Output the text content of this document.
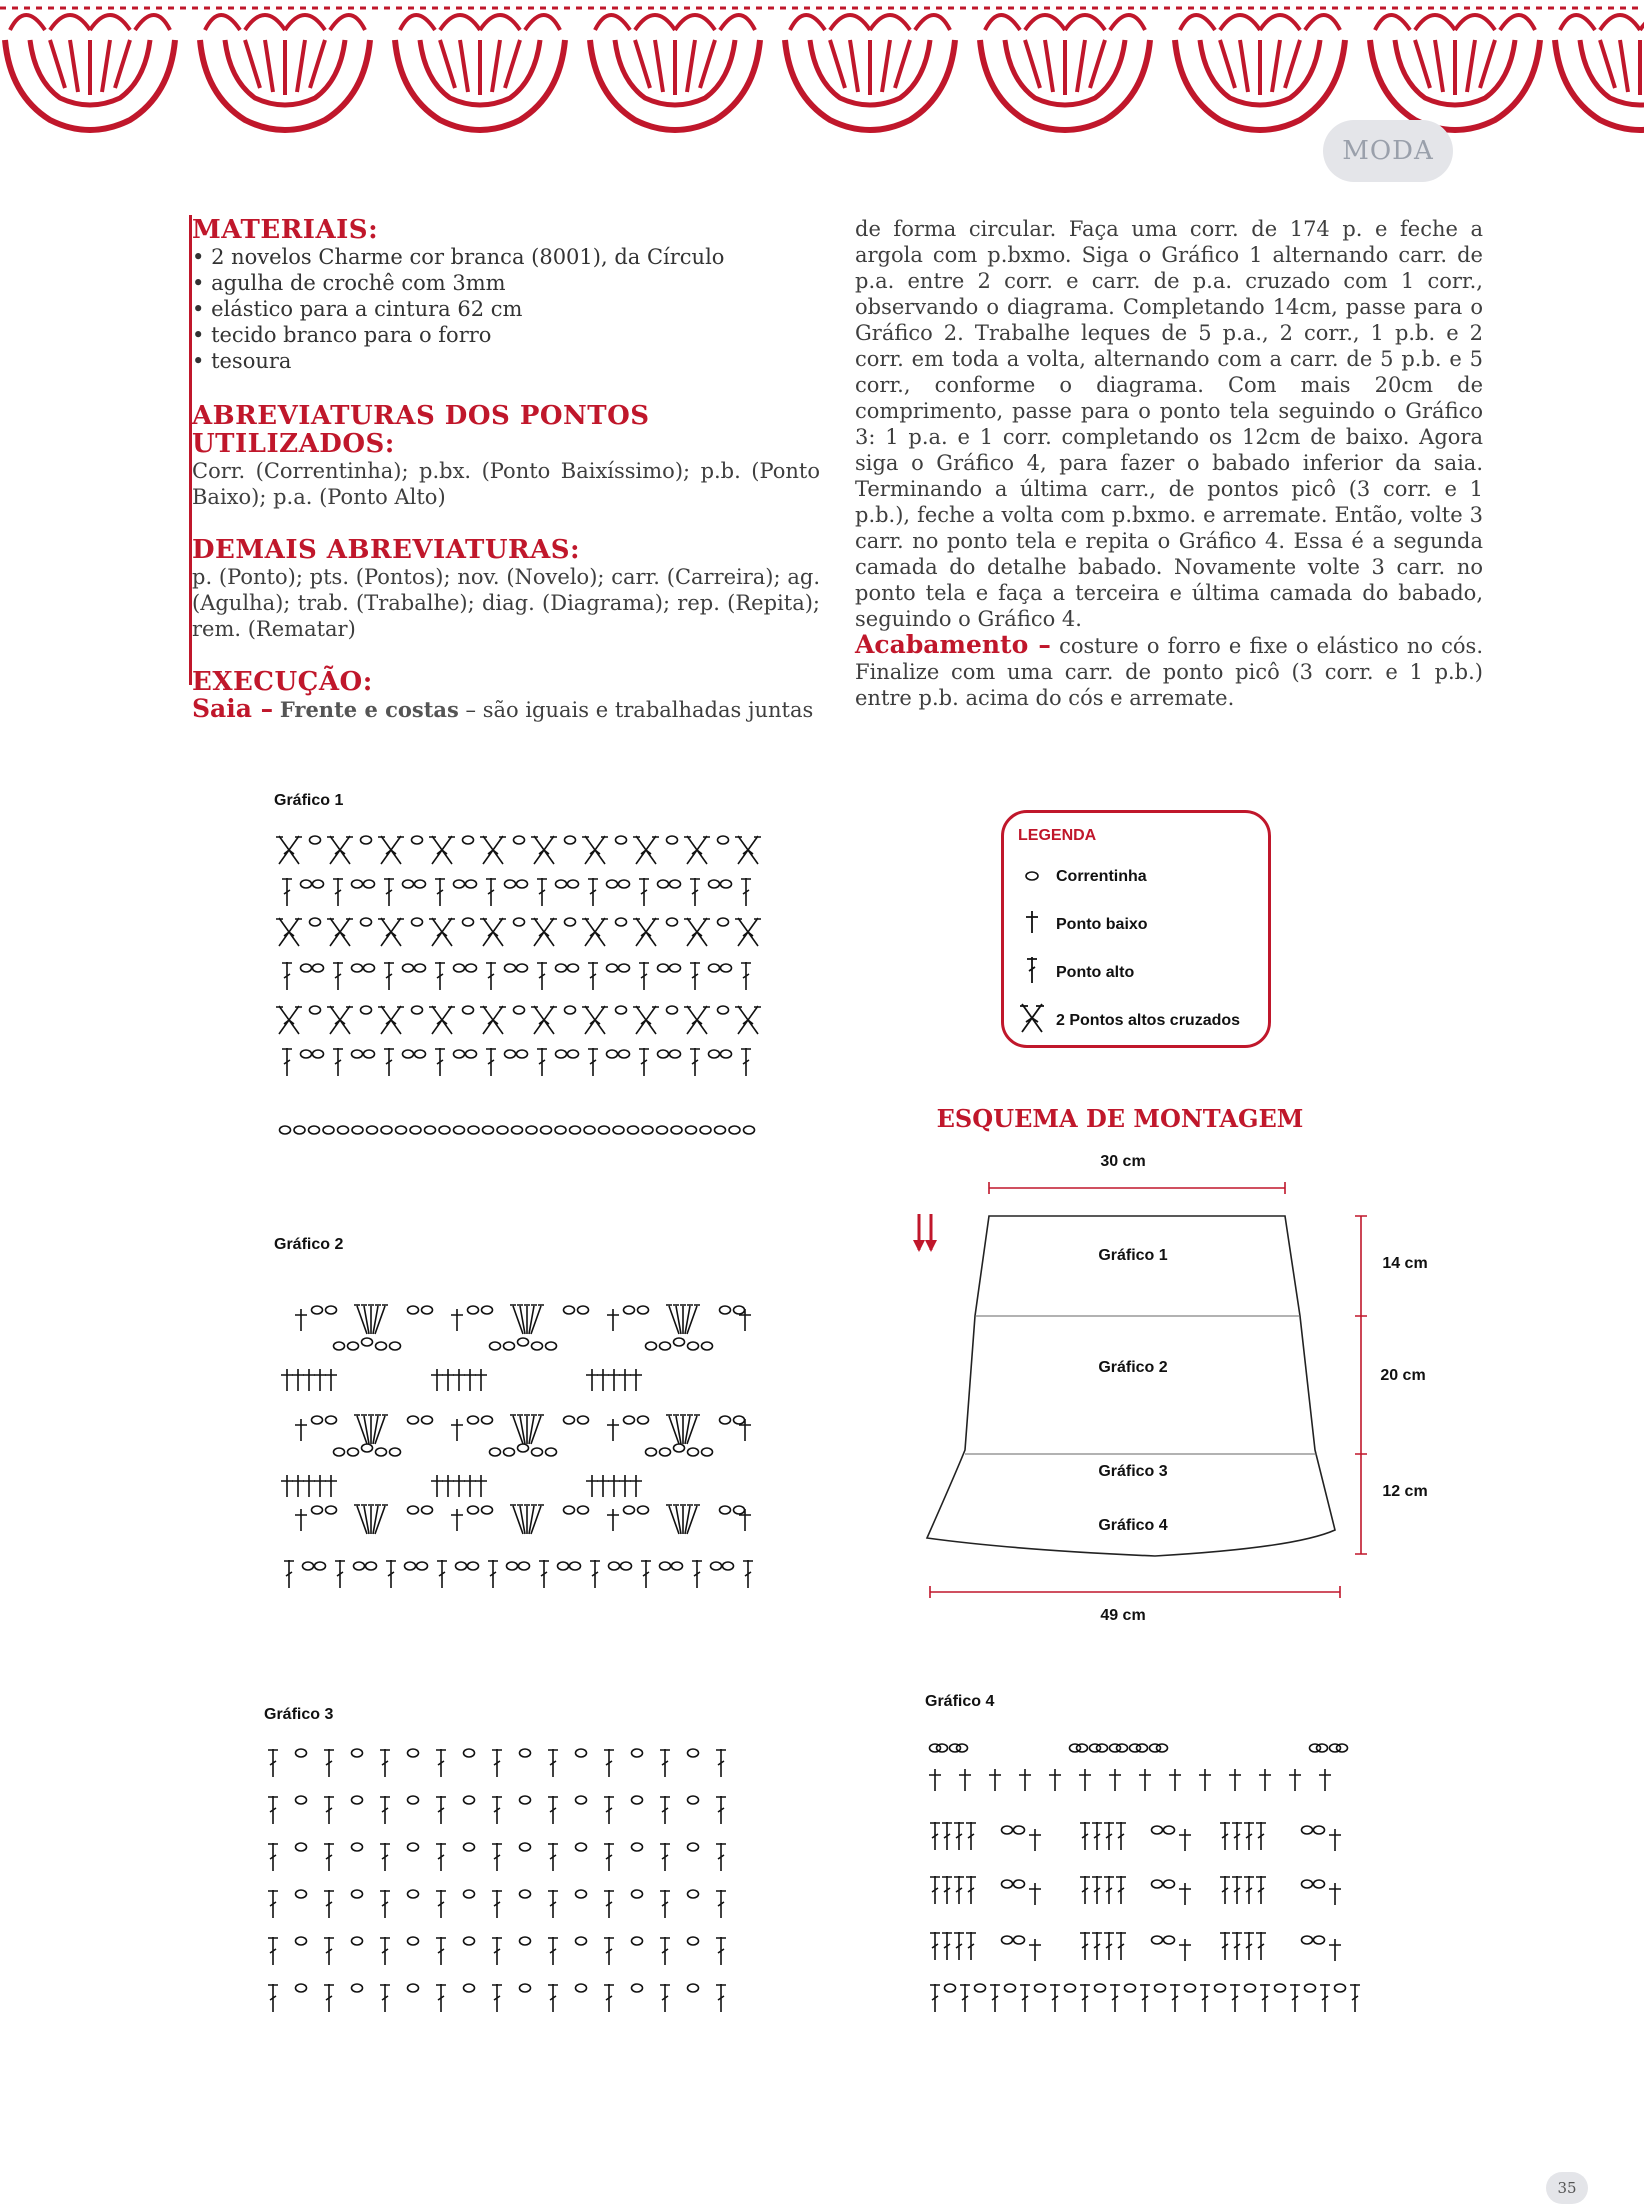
MODA
MATERIAIS:
• 2 novelos Charme cor branca (8001), da Círculo
• agulha de crochê com 3mm
• elástico para a cintura 62 cm
• tecido branco para o forro
• tesoura
ABREVIATURAS DOS PONTOS UTILIZADOS:

Corr. (Correntinha); p.bx. (Ponto Baixíssimo); p.b. (Ponto Baixo); p.a. (Ponto Alto)

DEMAIS ABREVIATURAS:

p. (Ponto); pts. (Pontos); nov. (Novelo); carr. (Carreira); ag. (Agulha); trab. (Trabalhe); diag. (Diagrama); rep. (Repita); rem. (Rematar)

EXECUÇÃO:

Saia – Frente e costas – são iguais e trabalhadas juntas

de forma circular. Faça uma corr. de 174 p. e feche a argola com p.bxmo. Siga o Gráfico 1 alternando carr. de p.a. entre 2 corr. e carr. de p.a. cruzado com 1 corr., observando o diagrama. Completando 14cm, passe para o Gráfico 2. Trabalhe leques de 5 p.a., 2 corr., 1 p.b. e 2 corr. em toda a volta, alternando com a carr. de 5 p.b. e 5 corr., conforme o diagrama. Com mais 20cm de comprimento, passe para o ponto tela seguindo o Gráfico 3: 1 p.a. e 1 corr. completando os 12cm de baixo. Agora siga o Gráfico 4, para fazer o babado inferior da saia. Terminando a última carr., de pontos picô (3 corr. e 1 p.b.), feche a volta com p.bxmo. e arremate. Então, volte 3 carr. no ponto tela e repita o Gráfico 4. Essa é a segunda camada do detalhe babado. Novamente volte 3 carr. no ponto tela e faça a terceira e última camada do babado, seguindo o Gráfico 4.

Acabamento – costure o forro e fixe o elástico no cós. Finalize com uma carr. de ponto picô (3 corr. e 1 p.b.) entre p.b. acima do cós e arremate.

Gráfico 1
Gráfico 2
Gráfico 3
Gráfico 4
LEGENDA
Correntinha
Ponto baixo
Ponto alto
2 Pontos altos cruzados
ESQUEMA DE MONTAGEM
30 cm
Gráfico 1
Gráfico 2
Gráfico 3
Gráfico 4
14 cm
20 cm
12 cm
49 cm
35
